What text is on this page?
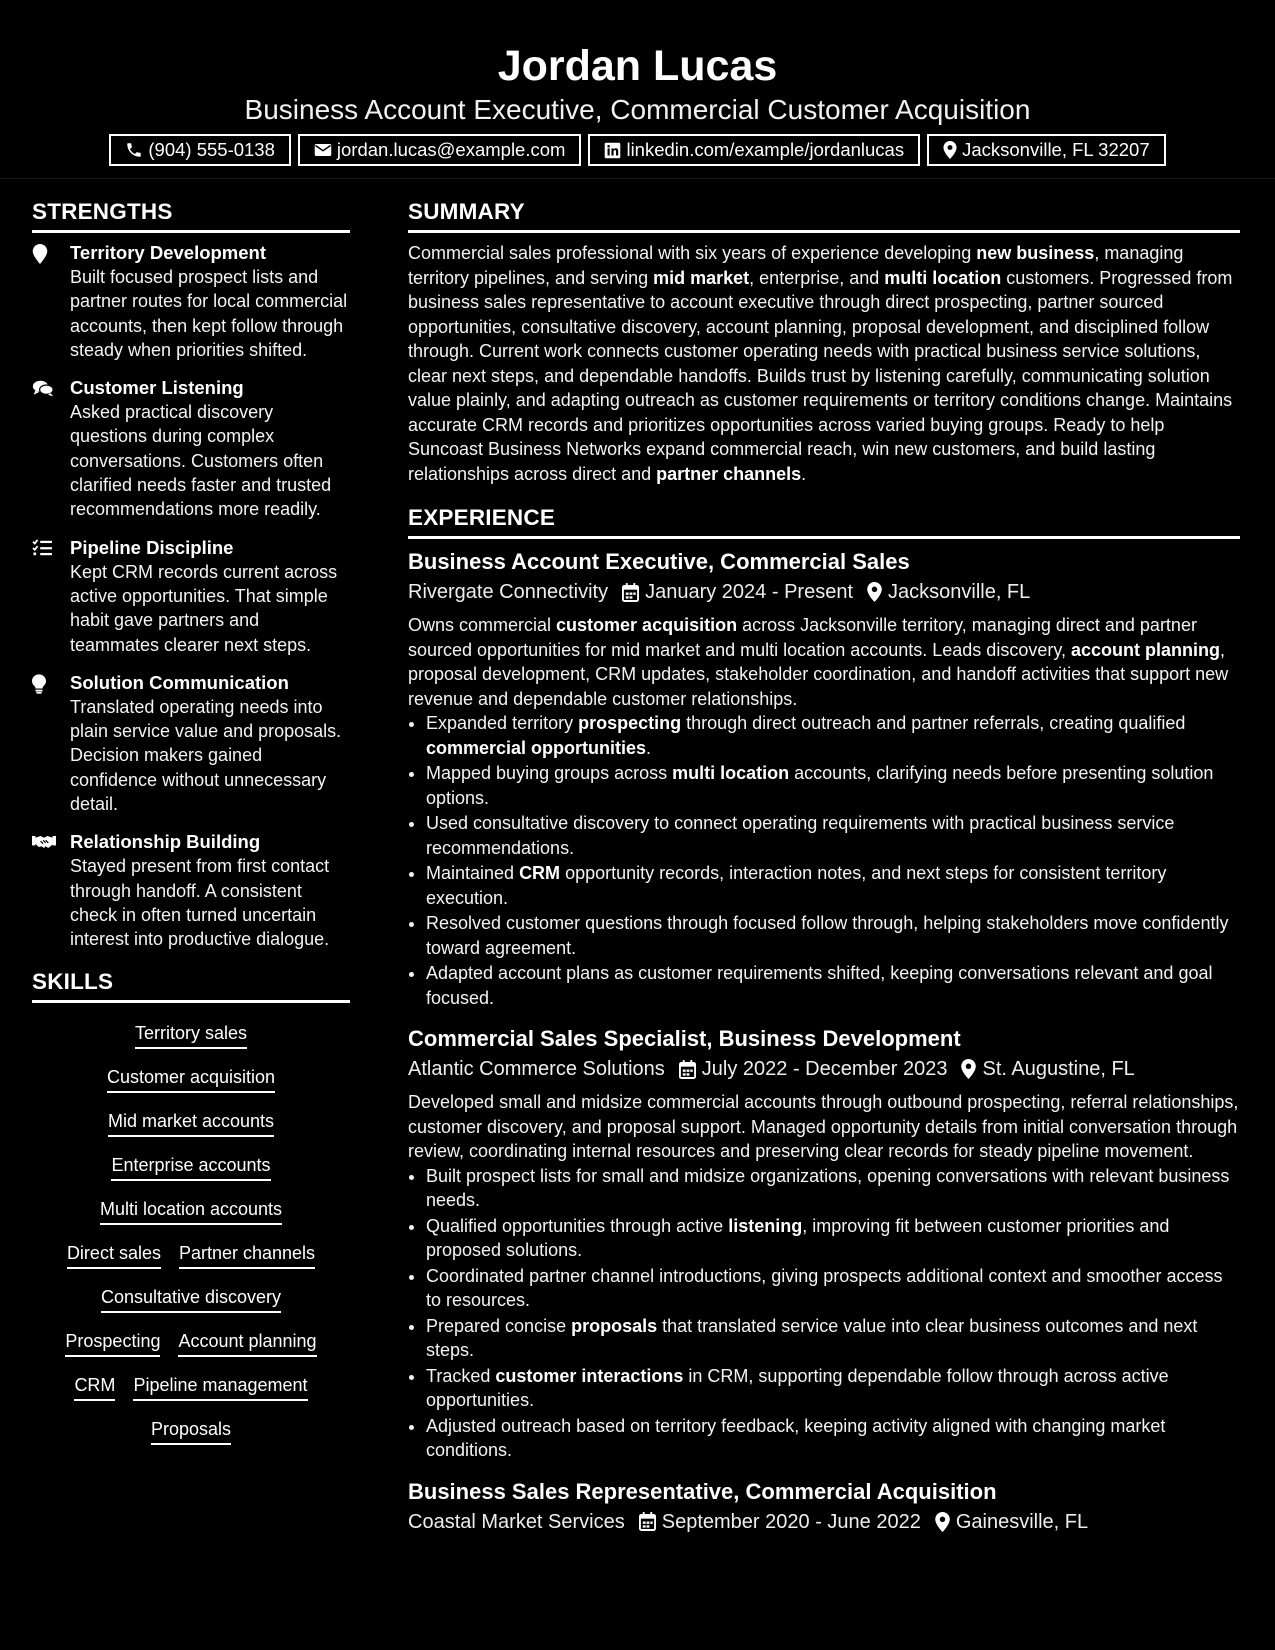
Jordan Lucas
Business Account Executive, Commercial Customer Acquisition
(904) 555-0138	jordan.lucas@example.com	linkedin.com/example/jordanlucas	Jacksonville, FL 32207
STRENGTHS
Territory Development
Built focused prospect lists and partner routes for local commercial accounts, then kept follow through steady when priorities shifted.
Customer Listening
Asked practical discovery questions during complex conversations. Customers often clarified needs faster and trusted recommendations more readily.
Pipeline Discipline
Kept CRM records current across active opportunities. That simple habit gave partners and teammates clearer next steps.
Solution Communication
Translated operating needs into plain service value and proposals. Decision makers gained confidence without unnecessary detail.
Relationship Building
Stayed present from first contact through handoff. A consistent check in often turned uncertain interest into productive dialogue.
SKILLS
Territory sales
Customer acquisition
Mid market accounts
Enterprise accounts
Multi location accounts
Direct sales Partner channels
Consultative discovery
Prospecting Account planning
CRM Pipeline management
Proposals
SUMMARY
Commercial sales professional with six years of experience developing new business, managing territory pipelines, and serving mid market, enterprise, and multi location customers. Progressed from business sales representative to account executive through direct prospecting, partner sourced opportunities, consultative discovery, account planning, proposal development, and disciplined follow through. Current work connects customer operating needs with practical business service solutions, clear next steps, and dependable handoffs. Builds trust by listening carefully, communicating solution value plainly, and adapting outreach as customer requirements or territory conditions change. Maintains accurate CRM records and prioritizes opportunities across varied buying groups. Ready to help Suncoast Business Networks expand commercial reach, win new customers, and build lasting relationships across direct and partner channels.
EXPERIENCE
Business Account Executive, Commercial Sales
Rivergate Connectivity January 2024 - Present Jacksonville, FL
Owns commercial customer acquisition across Jacksonville territory, managing direct and partner sourced opportunities for mid market and multi location accounts. Leads discovery, account planning, proposal development, CRM updates, stakeholder coordination, and handoff activities that support new revenue and dependable customer relationships.
• Expanded territory prospecting through direct outreach and partner referrals, creating qualified commercial opportunities.
• Mapped buying groups across multi location accounts, clarifying needs before presenting solution options.
• Used consultative discovery to connect operating requirements with practical business service recommendations.
• Maintained CRM opportunity records, interaction notes, and next steps for consistent territory execution.
• Resolved customer questions through focused follow through, helping stakeholders move confidently toward agreement.
• Adapted account plans as customer requirements shifted, keeping conversations relevant and goal focused.
Commercial Sales Specialist, Business Development
Atlantic Commerce Solutions July 2022 - December 2023 St. Augustine, FL
Developed small and midsize commercial accounts through outbound prospecting, referral relationships, customer discovery, and proposal support. Managed opportunity details from initial conversation through review, coordinating internal resources and preserving clear records for steady pipeline movement.
• Built prospect lists for small and midsize organizations, opening conversations with relevant business needs.
• Qualified opportunities through active listening, improving fit between customer priorities and proposed solutions.
• Coordinated partner channel introductions, giving prospects additional context and smoother access to resources.
• Prepared concise proposals that translated service value into clear business outcomes and next steps.
• Tracked customer interactions in CRM, supporting dependable follow through across active opportunities.
• Adjusted outreach based on territory feedback, keeping activity aligned with changing market conditions.
Business Sales Representative, Commercial Acquisition
Coastal Market Services September 2020 - June 2022 Gainesville, FL
